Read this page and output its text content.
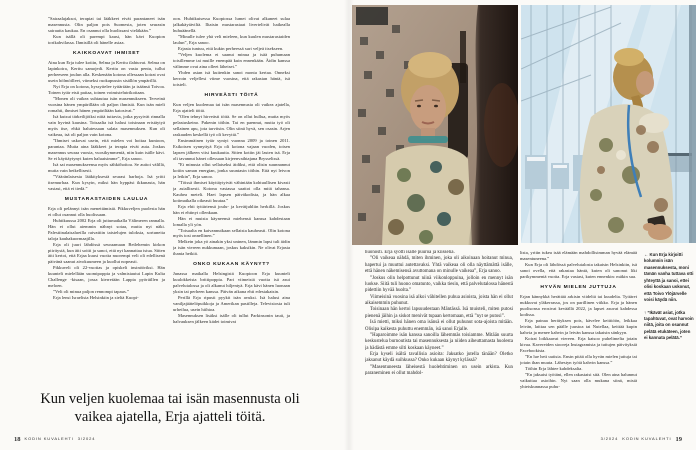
”Sairaalajaksot, terapiat tai lääkkeet eivät parantaneet isän masennusta. Olin paljon pois Suomesta, joten seurasin sairautta kaukaa. En osannut olla huolissani vieläkään.”
Kun isällä oli parempi kausi, hän kävi Kuopion torikahvilassa. Ihmisillä oli hänelle asiaa.
KAIKKOAVAT IHMISET
Aina kun Erja tulee kotiin, Selma ja Kerttu ilahtuvat. Selma on lapinkoira, Kerttu samojedi. Kerttu on vasta pentu, tullut perheeseen joulun alla. Keskenään kotona ollessaan koirat ovat usein hölmöilleet, viimeksi ruokapussin sisällön ympärillä.
Nyt Erja on kotona, hyssyttelee tyttäriään ja isäänsä Toivoa. Toinen tytär etsii paitaa, toinen voimistelutrikoitaan.
”Monen oli vaikea suhtautua isän masennukseen. Terveinä vuosina hänen ympärillään oli paljon ihmisiä. Kun isän mieli romahti, ihmiset hänen ympäriltään katosivat.”
Isä kutsui tärkeilijöiksi niitä tuttavia, jotka pysyivät rinnalla vain hyvinä kausina. Toisaalta isä halusi toisinaan eristäytyä myös itse, ehkä halutessaan salata masennuksen. Kun oli vaikeaa, isä oli paljon vain kotona.
”Ihmiset uskovat usein, että mielen voi hoitaa kuntoon, parantaa. Mutta aina lääkkeet ja terapia eivät auta. Joskus masennus seuraa vuosia, vuosikymmeniä, niin kuin isälle kävi. Se ei käyttäytynyt kuten haluaisimme”, Erja sanoo.
Isä sai masennukseensa myös sähköhoitoa. Se auttoi välillä, mutta vain hetkellisesti.
”Vääränlaisesta lääkityksestä seurasi harhoja. Isä yritti itsemurhaa. Kun kysyin, miksi hän hyppäsi ikkunasta, hän vastasi, että ei tiedä.”
MUSTARASTAIDEN LAULUA
Erja oli pelännyt isän menettämistä. Pikkuveljen puolesta hän ei ollut osannut olla huolissaan.
Huhtikuussa 2002 Erja oli juttumatkalla Välimeren rannalla. Hän ei ollut aiemmin nähnyt sotaa, mutta nyt näki. Palestiinalaisalueilla raivattiin taistelujen tuloksia, sortuneita taloja kauhakuormaajilla.
Erja oli juuri lähdössä seuraamaan Betlehemin kirkon piiritystä, kun äiti soitti ja sanoi, että nyt kannattaa istua. Sitten äiti kertoi, että Erjaa kuusi vuotta nuorempi veli oli edellisenä päivänä saanut aivokuumeen ja kuollut nopeasti.
Pikkuveli oli 22-vuotias ja opiskeli insinööriksi. Hän kuunteli mielellään suomipoppia ja valmistautui Lapin Kulta Challenge -kisaan, jossa kierretään Lappia pyöräillen ja meloen.
”Veli oli minua paljon rennompi tapaus.”
Erja lensi Israelista Helsinkiin ja sieltä Kuopi-
oon. Huhtikuisessa Kuopiossa lumet olivat alkaneet sulaa jalkakäytäviltä. Iltaisin mustarastaat livertelivät haikealla huhuäänellä.
”Minulle tulee yhä veli mieleen, kun kuulen mustarastaiden laulun”, Erja sanoo.
Erjasta tuntuu, että kukin perheessä suri veljeä itsekseen.
”Veljen kuolema ei saanut minua ja isää puhumaan toisillemme tai muille enempää kuin ennenkään. Äidin kanssa välimme ovat aina olleet läheiset.”
Yhden asian isä kuitenkin sanoi monta kertaa. Onneksi kerroin veljellesi viime vuosina, että rakastan häntä, isä toisteli.
HIRVEÄSTI TÖITÄ
Kun veljen kuolemaa tai isän masennusta oli vaikea ajatella, Erja ajatteli töitä.
”Olen tehnyt hirveästi töitä. Se on ollut hullua, mutta myös pelastuskeino. Pakenin töihin. Tai en paennut, mutta työ oli sellainen apu, jota tarvitsin. Olin siinä hyvä, sen osasin. Arjen raskauden keskellä työ oli kevyttä.”
Ensimmäinen tytär syntyi vuonna 2009 ja toinen 2011. Esikoisen synnyttyä Erja oli kotona vajaan vuoden, toisen lapsen jälkeen viisi kuukautta. Sitten kotiin jäi lasten isä. Erja oli tavannut hänet ollessaan kirjeenvaihtajana Brysselissä.
”Ei minusta ollut sellaiseksi äidiksi, että olisin suunnannut kotiin saman energian, jonka suuntasin töihin. Että nyt leivon ja leikin”, Erja sanoo.
”Töissä ihmiset käyttäytyivät vähintään kohtuullisen kivasti ja asiallisesti. Kotona vastassa saattoi olla mitä tahansa. Kauhea meteli. Haet lapsen päiväkodista, ja hän alkaa kotimatkalla oikeasti huutaa.”
Erja ehti tyttäriensä joulu- ja kevätjuhliin herkillä. Joskus hän ei ehtinyt ollenkaan.
Hän ei muista käyneensä miehensä kanssa kahdestaan lomalla yli yön.
”Toisaalta en kaivannutkaan sellaista kauheasti. Olin kotona myös tosi onnellinen.”
Melkein joka yö ainakin yksi uninen, lämmin lapsi tuli äidin ja isän viereen nukkumaan, joskus kaksikin. Ne olivat Erjasta ihania hetkiä.
ONKO KUKAAN KÄYNYT?
Junassa matkalla Helsingistä Kuopioon Erja kuunteli kuulokkeista brittipoppia. Pari viimeistä vuotta isä asui palvelutalossa ja oli alkanut hiljentyä. Erja kävi hänen luonaan yksin tai perheen kanssa. Päivän aikana ehti edestakaisin.
Perillä Erja ripusti pyykit isän avuksi. Isä halusi aina vaniljajäätelöpuikkoja ja Amerikan pastilleja. Televisiosta tuli urheilua, usein hiihtoa.
Masennuksen lisäksi isälle oli tullut Parkinsonin tauti, ja halvauksen jälkeen kädet toimivat
Kun veljen kuolemaa tai isän masennusta oli vaikea ajatella, Erja ajatteli töitä.
huonosti. Erja syötti isälle puuroa ja kiisseliä.
”Oli vaikeaa nähdä, miten ihminen, joka oli aikoinaan hoitanut minua, hapertui ja muuttui autettavaksi. Yhtä vaikeaa oli olla näyttämättä isälle, että hänen näkemisensä avuttomana on minulle vaikeaa”, Erja sanoo.
”Joskus olin helpottunut niinä viikonloppuina, jolloin en mennyt isän luokse. Siitä tuli huono omatunto, vaikka tiesin, että palvelutalossa hänestä pidettiin hyvää huolta.”
Viimeisinä vuosina isä alkoi vähitellen puhua asioista, joista hän ei ollut aikaisemmin puhunut.
Toisinaan hän kertoi lapsuudestaan Mäntässä. Isä muisteli, miten putosi pienenä jäihin ja siskot menivät tupaan kertomaan, että ”nyt se putosi”.
Isä mietti, miksi hänen oma isänsä ei ollut puhunut sota-ajoista mitään. Olisipa kaikesta puhuttu enemmän, isä sanoi Erjalle.
”Haparoimme isän kanssa sanoilla lähemmäs toisiamme. Mitään suurta keskustelua burnoutista tai masennuksesta ja niiden aiheuttamasta huolesta ja hädästä emme silti koskaan käyneet.”
Erja kyseli isältä tavallisia asioita: Jaksatko jutella tänään? Oletko jaksanut käydä suihkussa? Onko kukaan käynyt kylässä?
”Masentuneesta läheisestä huolehtiminen on usein arkista. Kun paraneminen ei ollut mahdol-
lista, yritin tukea isää elämään mahdollisimman hyvää elämää masentuneena.”
Kun Erja oli lähdössä palvelutalosta takaisin Helsinkiin, isä sanoi ovella, että rakastaa häntä, kuten oli sanonut liki parikymmentä vuotta. Erja vastasi, kuten ennenkin: mäkin sua.
HYVÄN MIELEN JUTTUJA
Erjan kännykkä herättää arkisin viideltä tai kuudelta. Tyttäret nukkuvat yläkerrassa, jos on parillinen viikko. Erja ja hänen puolisonsa erosivat keväällä 2022, ja lapset asuvat kahdessa kodissa.
Erja painaa herätyksen pois, kävelee keittiöön, leikkaa leivän, laittaa sen päälle juustoa tai Nutellaa, keittää kupin kahvia ja menee kahvin ja leivän kanssa takaisin sänkyyn.
Koirat loikkaavat viereen. Erja katsoo puhelimelta jotain kivaa. Kavereiden stooreja Instagramista ja tuttujen päivityksiä Facebookista.
”En lue heti uutisia. Ensin pitää olla hyvän mielen juttuja tai jotain ihan muuta. Lähestyn työtä kahvin kanssa.”
Töihin Erja lähtee kahdeksalta.
”En jaksaisi työtäni, ellen rakastaisi sitä. Olen aina halunnut vaikuttaa asioihin. Nyt saan olla mukana siinä, mistä yhteiskunnassa puhu-
← Kun Erja kirjoitti kolumnin isän masennuksesta, moni tämän vanha tuttava otti yhteyttä ja sanoi, ettei olisi koskaan uskonut, että Toivo Ylöjärvelle voisi käydä niin.
↑ ”Ikävät asiat, jotka tapahtuvat, ovat harvoin niitä, joita on osannut pelätä etukäteen, joten ei kannata pelätä.”
18 KODIN KUVALEHTI 3/2024	3/2024 KODIN KUVALEHTI 19
